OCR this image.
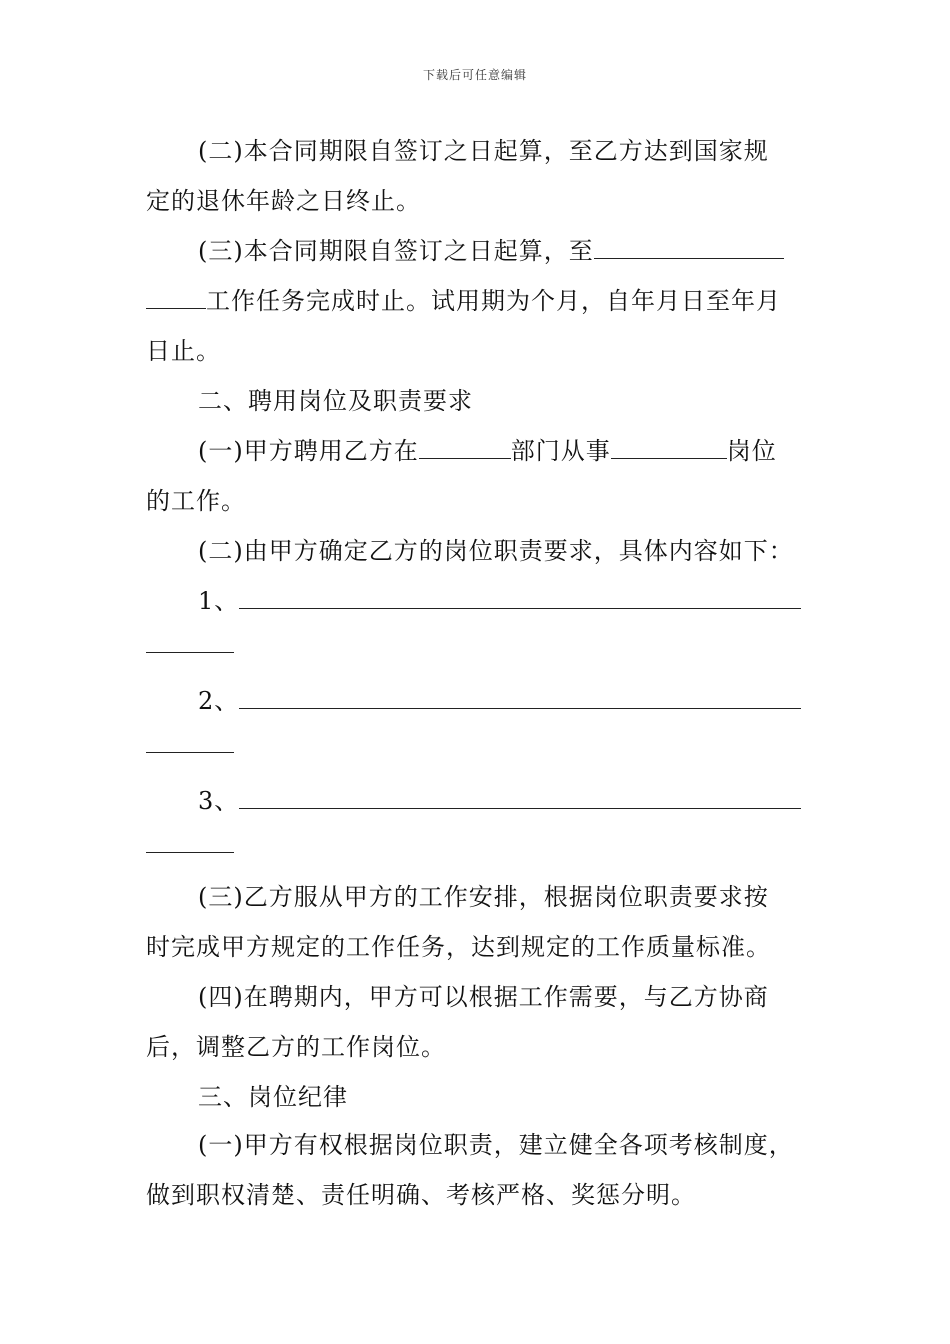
下载后可任意编辑
(二)本合同期限自签订之日起算，至乙方达到国家规
定的退休年龄之日终止。
(三)本合同期限自签订之日起算，至
工作任务完成时止。试用期为个月，自年月日至年月
日止。
二、聘用岗位及职责要求
(一)甲方聘用乙方在	部门从事	岗位
的工作。
(二)由甲方确定乙方的岗位职责要求，具体内容如下：
1、
2、
3、
(三)乙方服从甲方的工作安排，根据岗位职责要求按
时完成甲方规定的工作任务，达到规定的工作质量标准。
(四)在聘期内，甲方可以根据工作需要，与乙方协商
后，调整乙方的工作岗位。
三、岗位纪律
(一)甲方有权根据岗位职责，建立健全各项考核制度，
做到职权清楚、责任明确、考核严格、奖惩分明。
